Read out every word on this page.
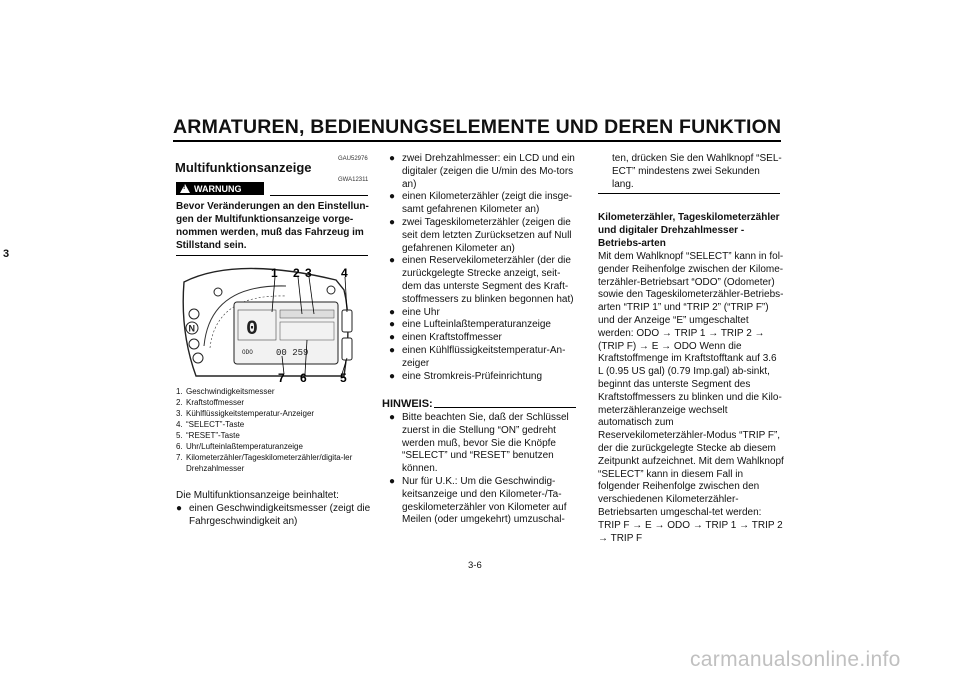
ARMATUREN, BEDIENUNGSELEMENTE UND DEREN FUNKTION
3
GAU52976
Multifunktionsanzeige
!
WARNUNG
GWA12311
Bevor Veränderungen an den Einstellun-gen der Multifunktionsanzeige vorge-nommen werden, muß das Fahrzeug im Stillstand sein.
0
ODO	00 259
N
1 2 3 4
5
6
7
1. Geschwindigkeitsmesser
2. Kraftstoffmesser
3. Kühlflüssigkeitstemperatur-Anzeiger
4. “SELECT”-Taste
5. “RESET”-Taste
6. Uhr/Lufteinlaßtemperaturanzeige
7. Kilometerzähler/Tageskilometerzähler/digita-ler Drehzahlmesser
Die Multifunktionsanzeige beinhaltet:
● einen Geschwindigkeitsmesser (zeigt die Fahrgeschwindigkeit an)
● zwei Drehzahlmesser: ein LCD und ein digitaler (zeigen die U/min des Mo-tors an)
● einen Kilometerzähler (zeigt die insge-samt gefahrenen Kilometer an)
● zwei Tageskilometerzähler (zeigen die seit dem letzten Zurücksetzen auf Null gefahrenen Kilometer an)
● einen Reservekilometerzähler (der die zurückgelegte Strecke anzeigt, seit-dem das unterste Segment des Kraft-stoffmessers zu blinken begonnen hat)
● eine Uhr
● eine Lufteinlaßtemperaturanzeige
● einen Kraftstoffmesser
● einen Kühlflüssigkeitstemperatur-An-zeiger
● eine Stromkreis-Prüfeinrichtung
HINWEIS:
● Bitte beachten Sie, daß der Schlüssel zuerst in die Stellung “ON” gedreht werden muß, bevor Sie die Knöpfe “SELECT” und “RESET” benutzen können.
● Nur für U.K.: Um die Geschwindig-keitsanzeige und den Kilometer-/Ta-geskilometerzähler von Kilometer auf Meilen (oder umgekehrt) umzuschal-
ten, drücken Sie den Wahlknopf “SEL-ECT” mindestens zwei Sekunden lang.
Kilometerzähler, Tageskilometerzähler und digitaler Drehzahlmesser - Betriebs-arten
Mit dem Wahlknopf “SELECT” kann in fol-gender Reihenfolge zwischen der Kilome-terzähler-Betriebsart “ODO” (Odometer) sowie den Tageskilometerzähler-Betriebs-arten “TRIP 1” und “TRIP 2” (“TRIP F”) und der Anzeige “E” umgeschaltet werden: ODO → TRIP 1 → TRIP 2 → (TRIP F) → E → ODO Wenn die Kraftstoffmenge im Kraftstofftank auf 3.6 L (0.95 US gal) (0.79 Imp.gal) ab-sinkt, beginnt das unterste Segment des Kraftstoffmessers zu blinken und die Kilo-meterzähleranzeige wechselt automatisch zum Reservekilometerzähler-Modus “TRIP F”, der die zurückgelegte Stecke ab diesem Zeitpunkt aufzeichnet. Mit dem Wahlknopf “SELECT” kann in diesem Fall in folgender Reihenfolge zwischen den verschiedenen Kilometerzähler-Betriebsarten umgeschal-tet werden: TRIP F → E → ODO → TRIP 1 → TRIP 2 → TRIP F
3-6
carmanualsonline.info
